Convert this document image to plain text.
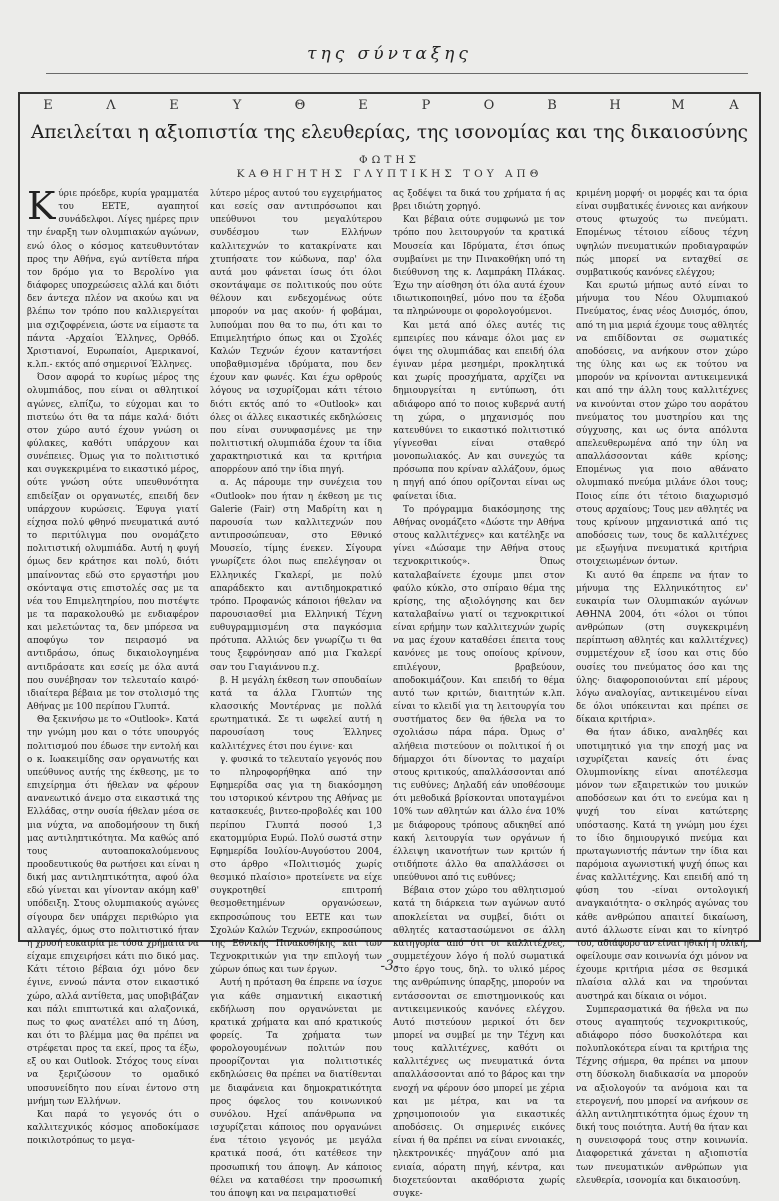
της σύνταξης
Ε	Λ	Ε	Υ	Θ	Ε	Ρ	Ο	Β	Η	Μ	Α
Απειλείται η αξιοπιστία της ελευθερίας, της ισονομίας και της δικαιοσύνης
ΦΩΤΗΣ
ΚΑΘΗΓΗΤΗΣ ΓΛΥΠΤΙΚΗΣ ΤΟΥ ΑΠΘ

Κύριε πρόεδρε, κυρία γραμματέα του ΕΕΤΕ, αγαπητοί συνάδελφοι. Λίγες ημέρες πριν την έναρξη των ολυμπιακών αγώνων, ενώ όλος ο κόσμος κατευθυντόταν προς την Αθήνα, εγώ αντίθετα πήρα τον δρόμο για το Βερολίνο για διάφορες υποχρεώσεις αλλά και διότι δεν άντεχα πλέον να ακούω και να βλέπω τον τρόπο που καλλιεργείται μια σχιζοφρένεια, ώστε να είμαστε τα πάντα -Αρχαίοι Έλληνες, Ορθόδ. Χριστιανοί, Ευρωπαίοι, Αμερικανοί, κ.λπ.- εκτός από σημερινοί Έλληνες.

Όσον αφορά το κυρίως μέρος της ολυμπιάδος, που είναι οι αθλητικοί αγώνες, ελπίζω, το εύχομαι και το πιστεύω ότι θα τα πάμε καλά· διότι στον χώρο αυτό έχουν γνώση οι φύλακες, καθότι υπάρχουν και συνέπειες. Όμως για το πολιτιστικό και συγκεκριμένα το εικαστικό μέρος, ούτε γνώση ούτε υπευθυνότητα επιδείξαν οι οργανωτές, επειδή δεν υπάρχουν κυρώσεις. Έφυγα γιατί είχησα πολύ φθηνό πνευματικά αυτό το περιτύλιγμα που ονομάζετο πολιτιστική ολυμπιάδα. Αυτή η φυγή όμως δεν κράτησε και πολύ, διότι μπαίνοντας εδώ στο εργαστήρι μου σκόνταψα στις επιστολές σας με τα νέα του Επιμελητηρίου, που πιστέψτε με τα παρακολουθώ με ενδιαφέρον και μελετώντας τα, δεν μπόρεσα να αποφύγω τον πειρασμό να αντιδράσω, όπως δικαιολογημένα αντιδράσατε και εσείς με όλα αυτά που συνέβησαν τον τελευταίο καιρό· ιδιαίτερα βέβαια με τον στολισμό της Αθήνας με 100 περίπου Γλυπτά.

Θα ξεκινήσω με το «Outlook». Κατά την γνώμη μου και ο τότε υπουργός πολιτισμού που έδωσε την εντολή και ο κ. Ιωακειμίδης σαν οργανωτής και υπεύθυνος αυτής της έκθεσης, με το επιχείρημα ότι ήθελαν να φέρουν ανανεωτικό άνεμο στα εικαστικά της Ελλάδας, στην ουσία ήθελαν μέσα σε μια νύχτα, να αποδομήσουν τη δική μας αντιληπτικότητα. Μα καθώς από τους αυτοαποκαλούμενους προοδευτικούς θα ρωτήσει και είναι η δική μας αντιληπτικότητα, αφού όλα εδώ γίνεται και γίνονταν ακόμη καθ' υπόδειξη. Στους ολυμπιακούς αγώνες σίγουρα δεν υπάρχει περιθώριο για αλλαγές, όμως στο πολιτιστικό ήταν η χρυσή ευκαιρία με τόσα χρήματα να είχαμε επιχειρήσει κάτι πιο δικό μας. Κάτι τέτοιο βέβαια όχι μόνο δεν έγινε, εννοώ πάντα στον εικαστικό χώρο, αλλά αντίθετα, μας υποβιβάζαν και πάλι επιπτωτικά και αλαζονικά, πως το φως ανατέλει από τη Δύση, και ότι το βλέμμα μας θα πρέπει να στρέφεται προς τα εκεί, προς τα έξω, εξ ου και Outlook. Στόχος τους είναι να ξεριζώσουν το ομαδικό υποσυνείδητο που είναι έντονο στη μνήμη των Ελλήνων.

Και παρά το γεγονός ότι ο καλλιτεχνικός κόσμος αποδοκίμασε ποικιλοτρόπως το μεγα-

λύτερο μέρος αυτού του εγχειρήματος και εσείς σαν αντιπρόσωποι και υπεύθυνοι του μεγαλύτερου συνδέσμου των Ελλήνων καλλιτεχνών το κατακρίνατε και χτυπήσατε τον κώδωνα, παρ' όλα αυτά μου φάνεται ίσως ότι όλοι σκοντάψαμε σε πολιτικούς που ούτε θέλουν και ενδεχομένως ούτε μπορούν να μας ακούν· ή φοβάμαι, λυπούμαι που θα το πω, ότι και το Επιμελητήριο όπως και οι Σχολές Καλών Τεχνών έχουν καταντήσει υποβαθμισμένα ιδρύματα, που δεν έχουν καν φωνές. Και έχω ορθρούς λόγους να ισχυρίζομαι κάτι τέτοιο διότι εκτός από το «Outlook» και όλες οι άλλες εικαστικές εκδηλώσεις που είναι συνυφασμένες με την πολιτιστική ολυμπιάδα έχουν τα ίδια χαρακτηριστικά και τα κριτήρια απορρέουν από την ίδια πηγή.

α. Ας πάρουμε την συνέχεια του «Outlook» που ήταν η έκθεση με τις Galerie (Fair) στη Μαδρίτη και η παρουσία των καλλιτεχνών που αντιπροσώπευαν, στο Εθνικό Μουσείο, τίμης ένεκεν. Σίγουρα γνωρίζετε όλοι πως επελέγησαν οι Ελληνικές Γκαλερί, με πολύ απαράδεκτο και αντιδημοκρατικό τρόπο. Προφανώς κάποιοι ήθελαν να παρουσιασθεί μια Ελληνική Τέχνη ευθυγραμμισμένη στα παγκόσμια πρότυπα. Αλλιώς δεν γνωρίζω τι θα τους ξεφρόνησαν από μια Γκαλερί σαν του Γιαγιάννου π.χ.

β. Η μεγάλη έκθεση των σπουδαίων κατά τα άλλα Γλυπτών της κλασσικής Μοντέρνας με πολλά ερωτηματικά. Σε τι ωφελεί αυτή η παρουσίαση τους Έλληνες καλλιτέχνες έτσι που έγινε· και

γ. φυσικά το τελευταίο γεγονός που το πληροφορήθηκα από την Εφημερίδα σας για τη διακόσμηση του ιστορικού κέντρου της Αθήνας με κατασκευές, βιντεο-προβολές και 100 περίπου Γλυπτά ποσού 1,3 εκατομμύρια Ευρώ. Πολύ σωστά στην Εφημερίδα Ιουλίου-Αυγούστου 2004, στο άρθρο «Πολιτισμός χωρίς θεσμικό πλαίσιο» προτείνετε να είχε συγκροτηθεί επιτροπή θεσμοθετημένων οργανώσεων, εκπροσώπους του ΕΕΤΕ και των Σχολών Καλών Τεχνών, εκπροσώπους της Εθνικής Πινακοθήκης και των Τεχνοκριτικών για την επιλογή των χώρων όπως και των έργων.

Αυτή η πρόταση θα έπρεπε να ίσχυε για κάθε σημαντική εικαστική εκδήλωση που οργανώνεται με κρατικά χρήματα και από κρατικούς φορείς. Τα χρήματα των φορολογουμένων πολιτών που προορίζονται για πολιτιστικές εκδηλώσεις θα πρέπει να διατίθενται με διαφάνεια και δημοκρατικότητα προς όφελος του κοινωνικού συνόλου. Ηχεί απάνθρωπα να ισχυρίζεται κάποιος που οργανώνει ένα τέτοιο γεγονός με μεγάλα κρατικά ποσά, ότι κατέθεσε την προσωπική του άποψη. Αν κάποιος θέλει να καταθέσει την προσωπική του άποψη και να πειραματισθεί

ας ξοδέψει τα δικά του χρήματα ή ας βρει ιδιώτη χορηγό.

Και βέβαια ούτε συμφωνώ με τον τρόπο που λειτουργούν τα κρατικά Μουσεία και Ιδρύματα, έτσι όπως συμβαίνει με την Πινακοθήκη υπό τη διεύθυνση της κ. Λαμπράκη Πλάκας. Έχω την αίσθηση ότι όλα αυτά έχουν ιδιωτικοποιηθεί, μόνο που τα έξοδα τα πληρώνουμε οι φορολογούμενοι.

Και μετά από όλες αυτές τις εμπειρίες που κάναμε όλοι μας εν όψει της ολυμπιάδας και επειδή όλα έγιναν μέρα μεσημέρι, προκλητικά και χωρίς προσχήματα, αρχίζει να δημιουργείται η εντύπωση, ότι αδιάφορο από το ποιος κυβερνά αυτή τη χώρα, ο μηχανισμός που κατευθύνει το εικαστικό πολιτιστικό γίγνεσθαι είναι σταθερό μονοπωλιακός. Αν και συνεχώς τα πρόσωπα που κρίναν αλλάζουν, όμως η πηγή από όπου ορίζονται είναι ως φαίνεται ίδια.

Το πρόγραμμα διακόσμησης της Αθήνας ονομάζετο «Δώστε την Αθήνα στους καλλιτέχνες» και κατέληξε να γίνει «Δώσαμε την Αθήνα στους τεχνοκριτικούς». Όπως καταλαβαίνετε έχουμε μπει στον φαύλο κύκλο, στο σπίραιο θέμα της κρίσης, της αξιολόγησης και δεν καταλαβαίνω γιατί οι τεχνοκριτικοί είναι ερήμην των καλλιτεχνών χωρίς να μας έχουν καταθέσει έπειτα τους κανόνες με τους οποίους κρίνουν, επιλέγουν, βραβεύουν, αποδοκιμάζουν. Και επειδή το θέμα αυτό των κριτών, διαιτητών κ.λπ. είναι το κλειδί για τη λειτουργία του συστήματος δεν θα ήθελα να το σχολιάσω πάρα πάρα. Όμως σ' αλήθεια πιστεύουν οι πολιτικοί ή οι δήμαρχοι ότι δίνοντας το μαχαίρι στους κριτικούς, απαλλάσσονται από τις ευθύνες; Δηλαδή εάν υποθέσουμε ότι μεθοδικά βρίσκονται υποταγμένοι 10% των αθλητών και άλλο ένα 10% με διάφορους τρόπους αδικηθεί από κακή λειτουργία των οργάνων ή έλλειψη ικανοτήτων των κριτών ή οτιδήποτε άλλο θα απαλλάσσει οι υπεύθυνοι από τις ευθύνες;

Βέβαια στον χώρο του αθλητισμού κατά τη διάρκεια των αγώνων αυτό αποκλείεται να συμβεί, διότι οι αθλητές καταστασώμενοι σε άλλη κατηγορία από ότι οι καλλιτέχνες, συμμετέχουν λόγο ή πολύ σωματικά στο έργο τους, δηλ. το υλικό μέρος της ανθρώπινης ύπαρξης, μπορούν να εντάσσονται σε επιστημονικούς και αντικειμενικούς κανόνες ελέγχου. Αυτό πιστεύουν μερικοί ότι δεν μπορεί να συμβεί με την Τέχνη και τους καλλιτέχνες, καθότι οι καλλιτέχνες ως πνευματικά όντα απαλλάσσονται από το βάρος και την ενοχή να φέρουν όσο μπορεί με χέρια και με μέτρα, και να τα χρησιμοποιούν για εικαστικές αποδόσεις. Οι σημερινές εικόνες είναι ή θα πρέπει να είναι εννοιακές, ηλεκτρονικές· πηγάζουν από μια ενιαία, αόρατη πηγή, κέντρα, και διοχετεύονται ακαθόριστα χωρίς συγκε-

κριμένη μορφή· οι μορφές και τα όρια είναι συμβατικές έννοιες και ανήκουν στους φτωχούς τω πνεύματι. Επομένως τέτοιου είδους τέχνη υψηλών πνευματικών προδιαγραφών πώς μπορεί να ενταχθεί σε συμβατικούς κανόνες ελέγχου;

Και ερωτώ μήπως αυτό είναι το μήνυμα του Νέου Ολυμπιακού Πνεύματος, ένας νέος Δυισμός, όπου, από τη μια μεριά έχουμε τους αθλητές να επιδίδονται σε σωματικές αποδόσεις, να ανήκουν στον χώρο της ύλης και ως εκ τούτου να μπορούν να κρίνονται αντικειμενικά και από την άλλη τους καλλιτέχνες να κινούνται στον χώρο του αοράτου πνεύματος του μυστηρίου και της σύγχυσης, και ως όντα απόλυτα απελευθερωμένα από την ύλη να απαλλάσσονται κάθε κρίσης; Επομένως για ποιο αθάνατο ολυμπιακό πνεύμα μιλάνε όλοι τους; Ποιος είπε ότι τέτοιο διαχωρισμό στους αρχαίους; Τους μεν αθλητές να τους κρίνουν μηχανιστικά από τις αποδόσεις των, τους δε καλλιτέχνες με εξωγήινα πνευματικά κριτήρια στοιχειωμένων όντων.

Κι αυτό θα έπρεπε να ήταν το μήνυμα της Ελληνικότητος εν' ευκαιρία των Ολυμπιακών αγώνων ΑΘΗΝΑ 2004, ότι «όλοι οι τύποι ανθρώπων (στη συγκεκριμένη περίπτωση αθλητές και καλλιτέχνες) συμμετέχουν εξ ίσου και στις δύο ουσίες του πνεύματος όσο και της ύλης· διαφοροποιούνται επί μέρους λόγω αναλογίας, αντικειμένου είναι δε όλοι υπόκεινται και πρέπει σε δίκαια κριτήρια».

Θα ήταν άδικο, αναληθές και υποτιμητικό για την εποχή μας να ισχυρίζεται κανείς ότι ένας Ολυμπιονίκης είναι αποτέλεσμα μόνον των εξαιρετικών του μυικών αποδόσεων και ότι το ενεύμα και η ψυχή του είναι κατώτερης υπόστασης. Κατά τη γνώμη μου έχει το ίδιο δημιουργικό πνεύμα και πρωταγωνιστής πάντων την ίδια και παρόμοια αγωνιστική ψυχή όπως και ένας καλλιτέχνης. Και επειδή από τη φύση του -είναι οντολογική αναγκαιότητα- ο σκληρός αγώνας του κάθε ανθρώπου απαιτεί δικαίωση, αυτό άλλωστε είναι και το κίνητρό του, αδιάφορο αν είναι ηθική ή υλική, οφείλουμε σαν κοινωνία όχι μόνον να έχουμε κριτήρια μέσα σε θεσμικά πλαίσια αλλά και να τηρούνται αυστηρά και δίκαια οι νόμοι.

Συμπερασματικά θα ήθελα να πω στους αγαπητούς τεχνοκριτικούς, αδιάφορο πόσο δυσκολότερα και πολυπλοκότερα είναι τα κριτήρια της Τέχνης σήμερα, θα πρέπει να μπουν στη δύσκολη διαδικασία να μπορούν να αξιολογούν τα ανόμοια και τα ετερογενή, που μπορεί να ανήκουν σε άλλη αντιληπτικότητα όμως έχουν τη δική τους ποιότητα. Αυτή θα ήταν και η συνεισφορά τους στην κοινωνία. Διαφορετικά χάνεται η αξιοπιστία των πνευματικών ανθρώπων για ελευθερία, ισονομία και δικαιοσύνη.

-3-
